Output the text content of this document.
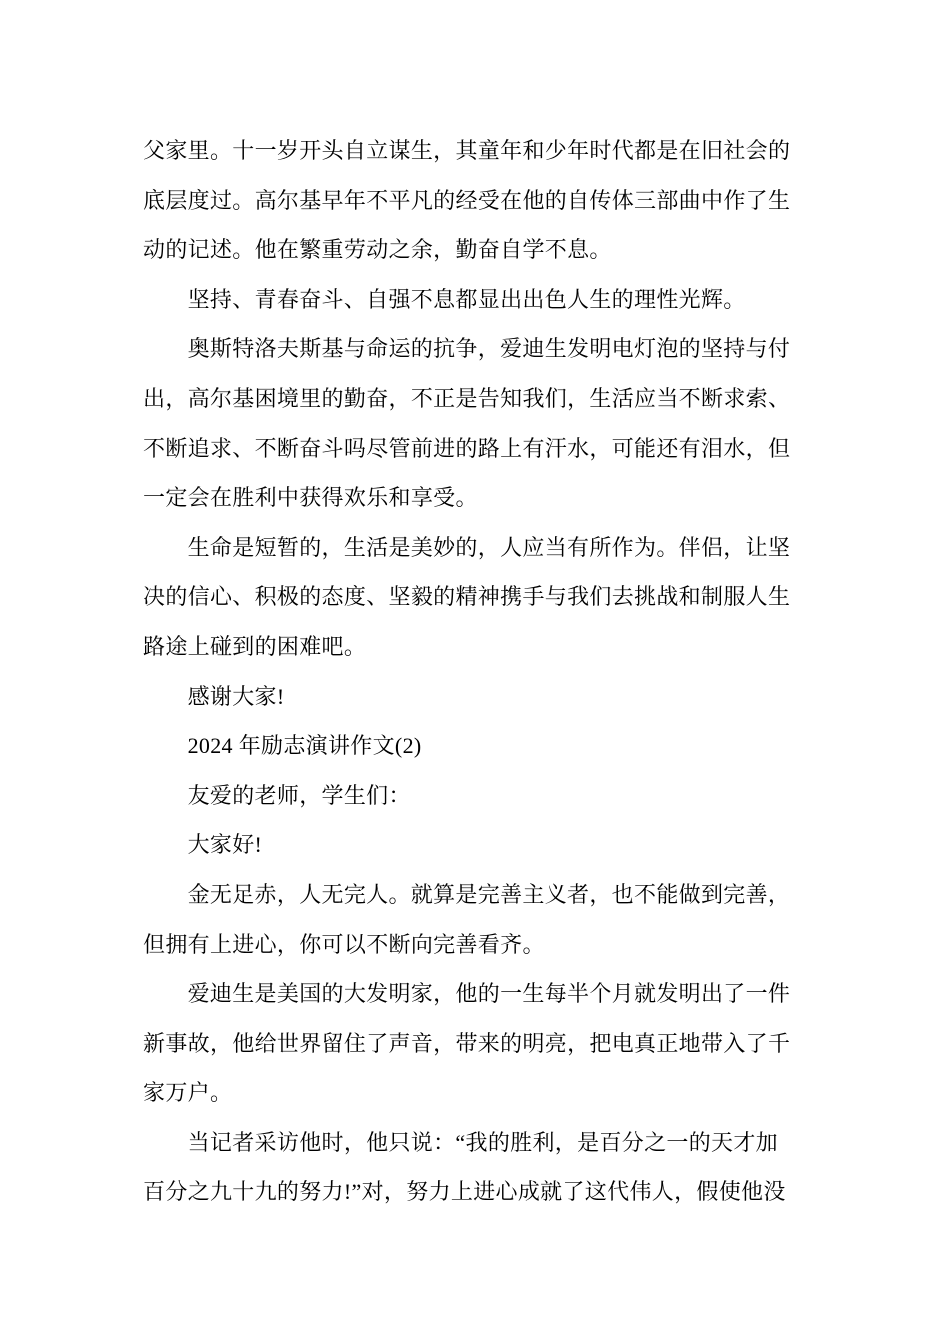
父家里。十一岁开头自立谋生，其童年和少年时代都是在旧社会的
底层度过。高尔基早年不平凡的经受在他的自传体三部曲中作了生
动的记述。他在繁重劳动之余，勤奋自学不息。
坚持、青春奋斗、自强不息都显出出色人生的理性光辉。
奥斯特洛夫斯基与命运的抗争，爱迪生发明电灯泡的坚持与付
出，高尔基困境里的勤奋，不正是告知我们，生活应当不断求索、
不断追求、不断奋斗吗尽管前进的路上有汗水，可能还有泪水，但
一定会在胜利中获得欢乐和享受。
生命是短暂的，生活是美妙的，人应当有所作为。伴侣，让坚
决的信心、积极的态度、坚毅的精神携手与我们去挑战和制服人生
路途上碰到的困难吧。
感谢大家!
2024 年励志演讲作文(2)
友爱的老师，学生们：
大家好!
金无足赤，人无完人。就算是完善主义者，也不能做到完善，
但拥有上进心，你可以不断向完善看齐。
爱迪生是美国的大发明家，他的一生每半个月就发明出了一件
新事故，他给世界留住了声音，带来的明亮，把电真正地带入了千
家万户。
当记者采访他时，他只说：“我的胜利，是百分之一的天才加
百分之九十九的努力!”对，努力上进心成就了这代伟人，假使他没
